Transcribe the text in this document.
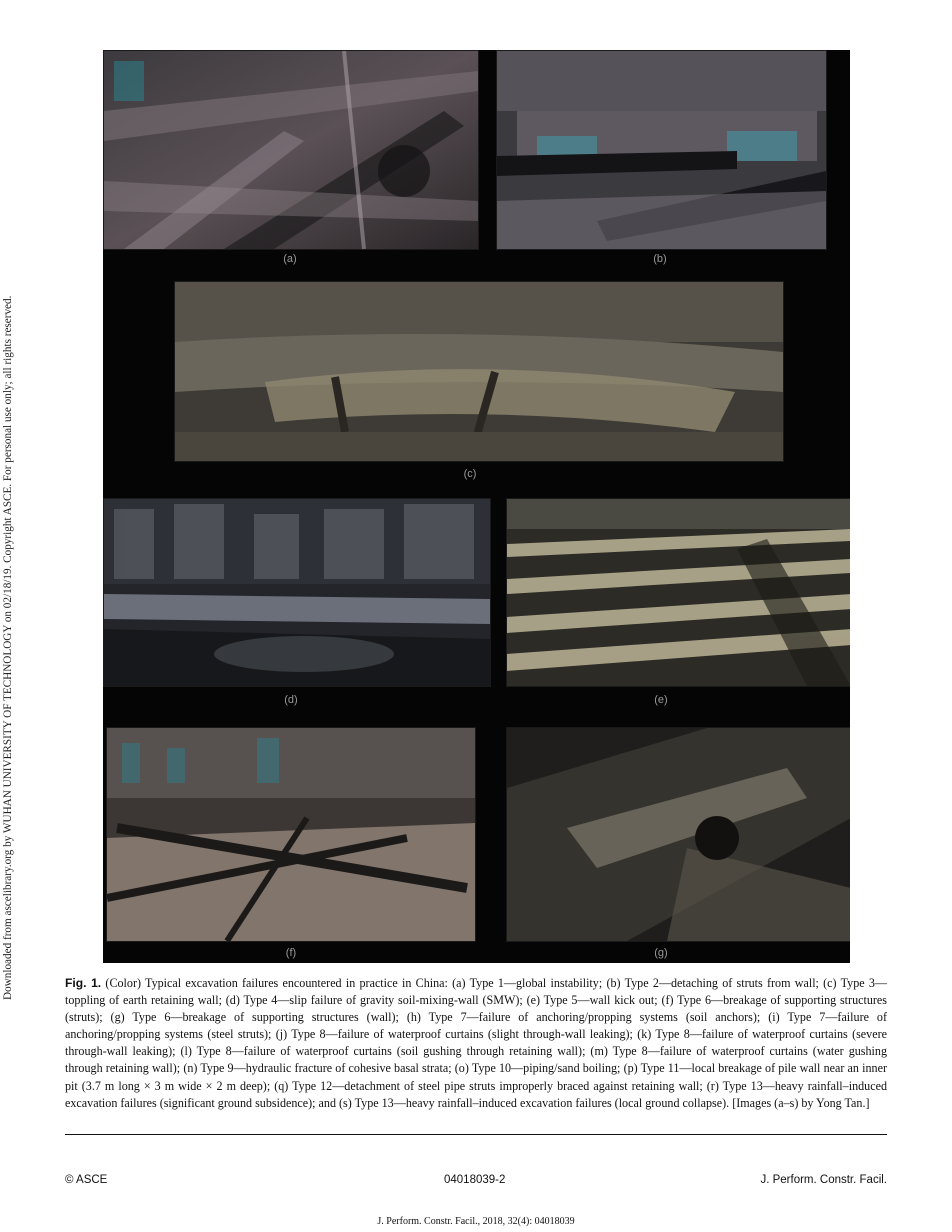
Downloaded from ascelibrary.org by WUHAN UNIVERSITY OF TECHNOLOGY on 02/18/19. Copyright ASCE. For personal use only; all rights reserved.
(a)	(b)
(c)
(d)	(e)
(f)	(g)
Fig. 1. (Color) Typical excavation failures encountered in practice in China: (a) Type 1—global instability; (b) Type 2—detaching of struts from wall; (c) Type 3—toppling of earth retaining wall; (d) Type 4—slip failure of gravity soil-mixing-wall (SMW); (e) Type 5—wall kick out; (f) Type 6—breakage of supporting structures (struts); (g) Type 6—breakage of supporting structures (wall); (h) Type 7—failure of anchoring/propping systems (soil anchors); (i) Type 7—failure of anchoring/propping systems (steel struts); (j) Type 8—failure of waterproof curtains (slight through-wall leaking); (k) Type 8—failure of waterproof curtains (severe through-wall leaking); (l) Type 8—failure of waterproof curtains (soil gushing through retaining wall); (m) Type 8—failure of waterproof curtains (water gushing through retaining wall); (n) Type 9—hydraulic fracture of cohesive basal strata; (o) Type 10—piping/sand boiling; (p) Type 11—local breakage of pile wall near an inner pit (3.7 m long × 3 m wide × 2 m deep); (q) Type 12—detachment of steel pipe struts improperly braced against retaining wall; (r) Type 13—heavy rainfall–induced excavation failures (significant ground subsidence); and (s) Type 13—heavy rainfall–induced excavation failures (local ground collapse). [Images (a–s) by Yong Tan.]
© ASCE	04018039-2	J. Perform. Constr. Facil.
J. Perform. Constr. Facil., 2018, 32(4): 04018039
